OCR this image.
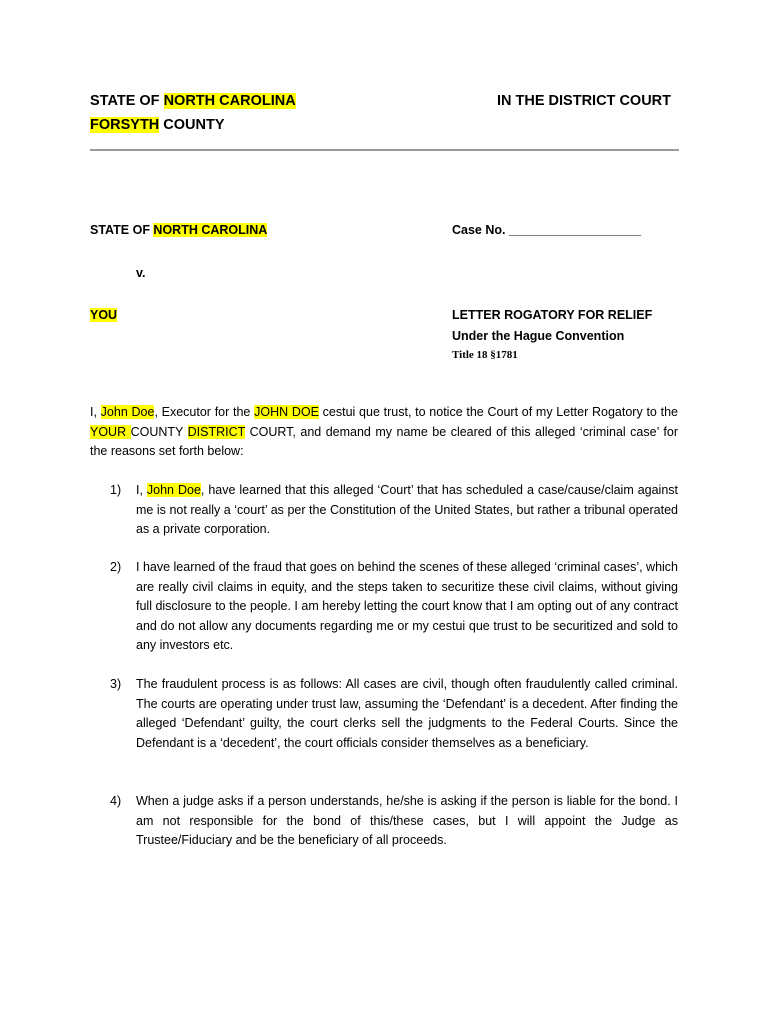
STATE OF NORTH CAROLINA
FORSYTH COUNTY
IN THE DISTRICT COURT
STATE OF NORTH CAROLINA	Case No. ___________________
v.
YOU	LETTER ROGATORY FOR RELIEF
Under the Hague Convention
Title 18 §1781
I, John Doe, Executor for the JOHN DOE cestui que trust, to notice the Court of my Letter Rogatory to the YOUR COUNTY DISTRICT COURT, and demand my name be cleared of this alleged ‘criminal case’ for the reasons set forth below:
1)	I, John Doe, have learned that this alleged ‘Court’ that has scheduled a case/cause/claim against me is not really a ‘court’ as per the Constitution of the United States, but rather a tribunal operated as a private corporation.
2)	I have learned of the fraud that goes on behind the scenes of these alleged ‘criminal cases’, which are really civil claims in equity, and the steps taken to securitize these civil claims, without giving full disclosure to the people. I am hereby letting the court know that I am opting out of any contract and do not allow any documents regarding me or my cestui que trust to be securitized and sold to any investors etc.
3)	The fraudulent process is as follows: All cases are civil, though often fraudulently called criminal. The courts are operating under trust law, assuming the ‘Defendant’ is a decedent. After finding the alleged ‘Defendant’ guilty, the court clerks sell the judgments to the Federal Courts. Since the Defendant is a ‘decedent’, the court officials consider themselves as a beneficiary.
4)	When a judge asks if a person understands, he/she is asking if the person is liable for the bond. I am not responsible for the bond of this/these cases, but I will appoint the Judge as Trustee/Fiduciary and be the beneficiary of all proceeds.
